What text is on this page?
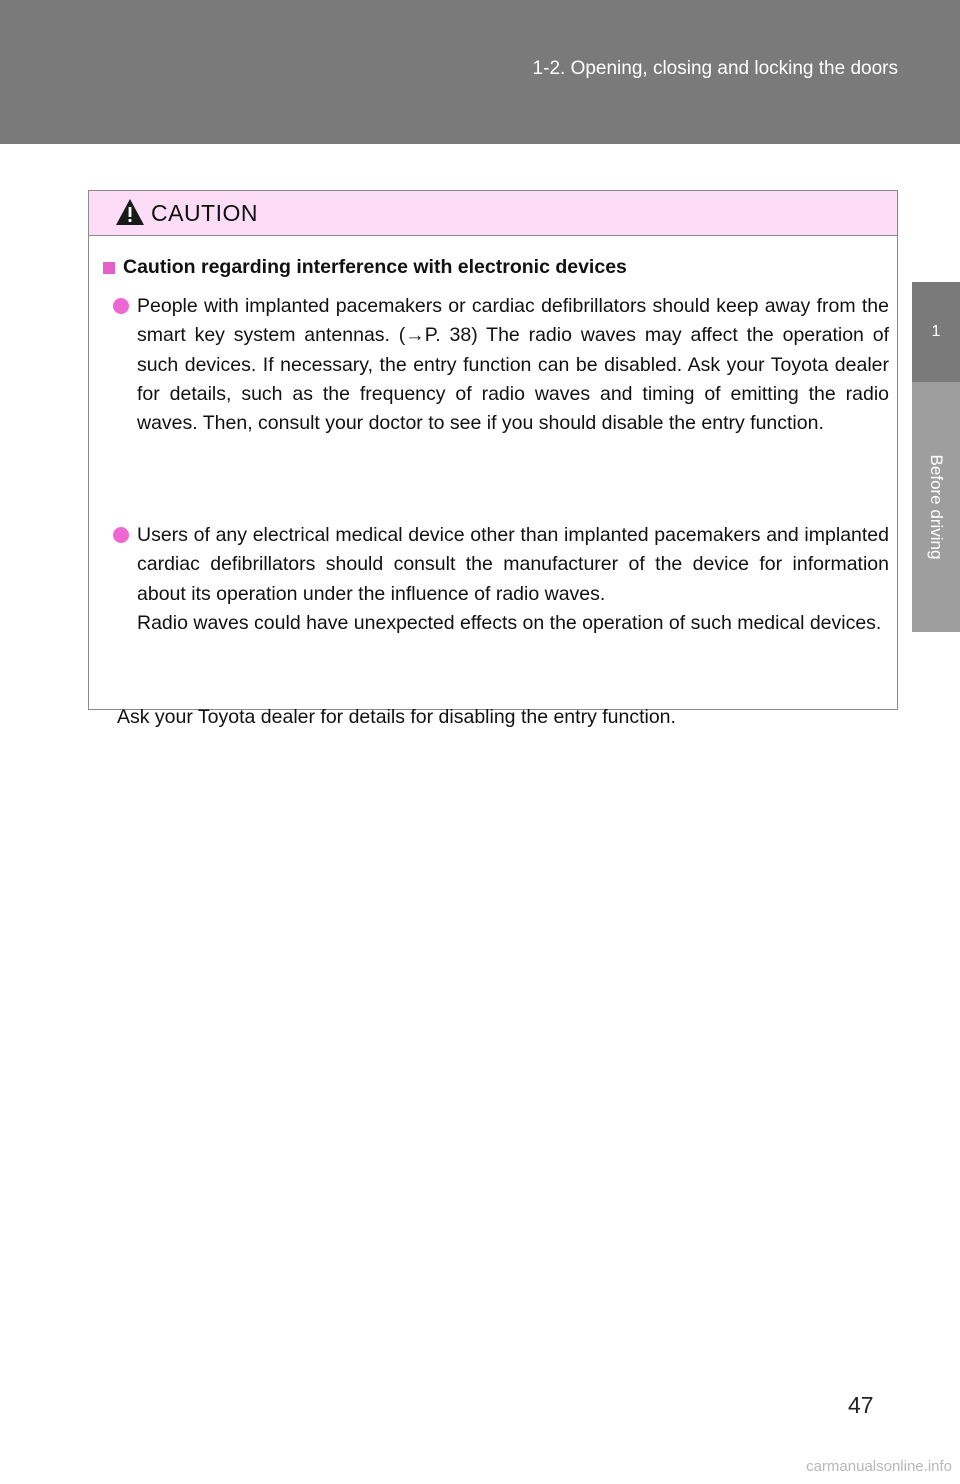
1-2. Opening, closing and locking the doors
1
Before driving
CAUTION
Caution regarding interference with electronic devices

People with implanted pacemakers or cardiac defibrillators should keep away from the smart key system antennas. (→P. 38) The radio waves may affect the operation of such devices. If necessary, the entry function can be disabled. Ask your Toyota dealer for details, such as the frequency of radio waves and timing of emitting the radio waves. Then, consult your doctor to see if you should disable the entry function.

Users of any electrical medical device other than implanted pacemakers and implanted cardiac defibrillators should consult the manufacturer of the device for information about its operation under the influence of radio waves.

Radio waves could have unexpected effects on the operation of such medical devices.

Ask your Toyota dealer for details for disabling the entry function.
47
carmanualsonline.info
